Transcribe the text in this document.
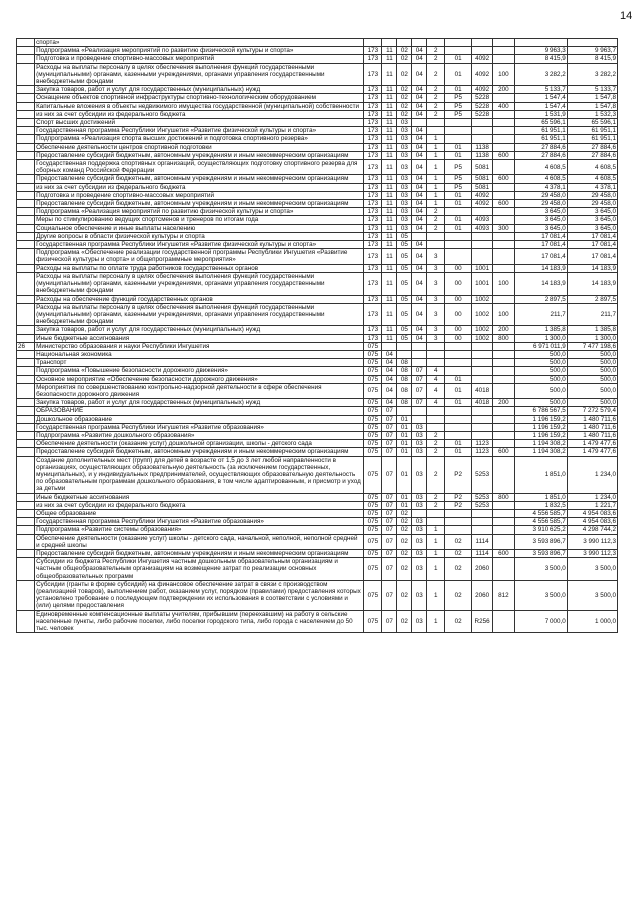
14
	спорта»										
	Подпрограмма «Реализация мероприятий по развитию физической культуры и спорта»	173	11	02	04	2				9 963,3	9 963,7
	Подготовка и проведение спортивно-массовых мероприятий	173	11	02	04	2	01	4092		8 415,9	8 415,9
	Расходы на выплаты персоналу в целях обеспечения выполнения функций государственными (муниципальными) органами, казенными учреждениями, органами управления государственными внебюджетными фондами	173	11	02	04	2	01	4092	100	3 282,2	3 282,2
	Закупка товаров, работ и услуг для государственных (муниципальных) нужд	173	11	02	04	2	01	4092	200	5 133,7	5 133,7
	Оснащение объектов спортивной инфраструктуры спортивно-технологическим оборудованием	173	11	02	04	2	P5	5228		1 547,4	1 547,8
	Капитальные вложения в объекты недвижимого имущества государственной (муниципальной) собственности	173	11	02	04	2	P5	5228	400	1 547,4	1 547,8
	из них за счет субсидии из федерального бюджета	173	11	02	04	2	P5	5228		1 531,9	1 532,3
	Спорт высших достижений	173	11	03						65 596,1	65 596,1
	Государственная программа Республики Ингушетия «Развитие физической культуры и спорта»	173	11	03	04					61 951,1	61 951,1
	Подпрограмма «Реализация спорта высших достижений и подготовка спортивного резерва»	173	11	03	04	1				61 951,1	61 951,1
	Обеспечение деятельности центров спортивной подготовки	173	11	03	04	1	01	1138		27 884,6	27 884,6
	Предоставление субсидий бюджетным, автономным учреждениям и иным некоммерческим организациям	173	11	03	04	1	01	1138	600	27 884,6	27 884,6
	Государственная поддержка спортивных организаций, осуществляющих подготовку спортивного резерва для сборных команд Российской Федерации	173	11	03	04	1	P5	5081		4 608,5	4 608,5
	Предоставление субсидий бюджетным, автономным учреждениям и иным некоммерческим организациям	173	11	03	04	1	P5	5081	600	4 608,5	4 608,5
	из них за счет субсидии из федерального бюджета	173	11	03	04	1	P5	5081		4 378,1	4 378,1
	Подготовка и проведение спортивно-массовых мероприятий	173	11	03	04	1	01	4092		29 458,0	29 458,0
	Предоставление субсидий бюджетным, автономным учреждениям и иным некоммерческим организациям	173	11	03	04	1	01	4092	600	29 458,0	29 458,0
	Подпрограмма «Реализация мероприятий по развитию физической культуры и спорта»	173	11	03	04	2				3 645,0	3 645,0
	Меры по стимулированию ведущих спортсменов и тренеров по итогам года	173	11	03	04	2	01	4093		3 645,0	3 645,0
	Социальное обеспечение и иные выплаты населению	173	11	03	04	2	01	4093	300	3 645,0	3 645,0
	Другие вопросы в области физической культуры и спорта	173	11	05						17 081,4	17 081,4
	Государственная программа Республики Ингушетия «Развитие физической культуры и спорта»	173	11	05	04					17 081,4	17 081,4
	Подпрограмма «Обеспечение реализации государственной программы Республики Ингушетия «Развитие физической культуры и спорта» и общепрограммные мероприятия»	173	11	05	04	3				17 081,4	17 081,4
	Расходы на выплаты по оплате труда работников государственных органов	173	11	05	04	3	00	1001		14 183,9	14 183,9
	Расходы на выплаты персоналу в целях обеспечения выполнения функций государственными (муниципальными) органами, казенными учреждениями, органами управления государственными внебюджетными фондами	173	11	05	04	3	00	1001	100	14 183,9	14 183,9
	Расходы на обеспечение функций государственных органов	173	11	05	04	3	00	1002		2 897,5	2 897,5
	Расходы на выплаты персоналу в целях обеспечения выполнения функций государственными (муниципальными) органами, казенными учреждениями, органами управления государственными внебюджетными фондами	173	11	05	04	3	00	1002	100	211,7	211,7
	Закупка товаров, работ и услуг для государственных (муниципальных) нужд	173	11	05	04	3	00	1002	200	1 385,8	1 385,8
	Иные бюджетные ассигнования	173	11	05	04	3	00	1002	800	1 300,0	1 300,0
26	Министерство образования и науки Республики Ингушетия	075								6 971 011,9	7 477 198,6
	Национальная экономика	075	04							500,0	500,0
	Транспорт	075	04	08						500,0	500,0
	Подпрограмма «Повышение безопасности дорожного движения»	075	04	08	07	4				500,0	500,0
	Основное мероприятие «Обеспечение безопасности дорожного движения»	075	04	08	07	4	01			500,0	500,0
	Мероприятия по совершенствованию контрольно-надзорной деятельности в сфере обеспечения безопасности дорожного движения	075	04	08	07	4	01	4018		500,0	500,0
	Закупка товаров, работ и услуг для государственных (муниципальных) нужд	075	04	08	07	4	01	4018	200	500,0	500,0
	ОБРАЗОВАНИЕ	075	07							6 786 567,5	7 272 579,4
	Дошкольное образование	075	07	01						1 196 159,2	1 480 711,6
	Государственная программа Республики Ингушетия «Развитие образования»	075	07	01	03					1 196 159,2	1 480 711,6
	Подпрограмма «Развитие дошкольного образования»	075	07	01	03	2				1 196 159,2	1 480 711,6
	Обеспечение деятельности (оказание услуг) дошкольной организации, школы - детского сада	075	07	01	03	2	01	1123		1 194 308,2	1 479 477,6
	Предоставление субсидий бюджетным, автономным учреждениям и иным некоммерческим организациям	075	07	01	03	2	01	1123	600	1 194 308,2	1 479 477,6
	Создание дополнительных мест (групп) для детей в возрасте от 1,5 до 3 лет любой направленности в организациях, осуществляющих образовательную деятельность (за исключением государственных, муниципальных), и у индивидуальных предпринимателей, осуществляющих образовательную деятельность по образовательным программам дошкольного образования, в том числе адаптированным, и присмотр и уход за детьми	075	07	01	03	2	P2	5253		1 851,0	1 234,0
	Иные бюджетные ассигнования	075	07	01	03	2	P2	5253	800	1 851,0	1 234,0
	из них за счет субсидии из федерального бюджета	075	07	01	03	2	P2	5253		1 832,5	1 221,7
	Общее образование	075	07	02						4 556 585,7	4 954 083,6
	Государственная программа Республики Ингушетия «Развитие образования»	075	07	02	03					4 556 585,7	4 954 083,6
	Подпрограмма «Развитие системы образования»	075	07	02	03	1				3 910 625,2	4 298 744,2
	Обеспечение деятельности (оказание услуг) школы - детского сада, начальной, неполной, неполной средней и средней школы	075	07	02	03	1	02	1114		3 593 896,7	3 990 112,3
	Предоставление субсидий бюджетным, автономным учреждениям и иным некоммерческим организациям	075	07	02	03	1	02	1114	600	3 593 896,7	3 990 112,3
	Субсидии из бюджета Республики Ингушетия частным дошкольным образовательным организациям и частным общеобразовательным организациям на возмещение затрат по реализации основных общеобразовательных программ	075	07	02	03	1	02	2060		3 500,0	3 500,0
	Субсидии (гранты в форме субсидий) на финансовое обеспечение затрат в связи с производством (реализацией товаров), выполнением работ, оказанием услуг, порядком (правилами) предоставления которых установлено требование о последующем подтверждении их использования в соответствии с условиями и (или) целями предоставления	075	07	02	03	1	02	2060	812	3 500,0	3 500,0
	Единовременные компенсационные выплаты учителям, прибывшим (переехавшим) на работу в сельские населенные пункты, либо рабочие поселки, либо поселки городского типа, либо города с населением до 50 тыс. человек	075	07	02	03	1	02	R256		7 000,0	1 000,0
